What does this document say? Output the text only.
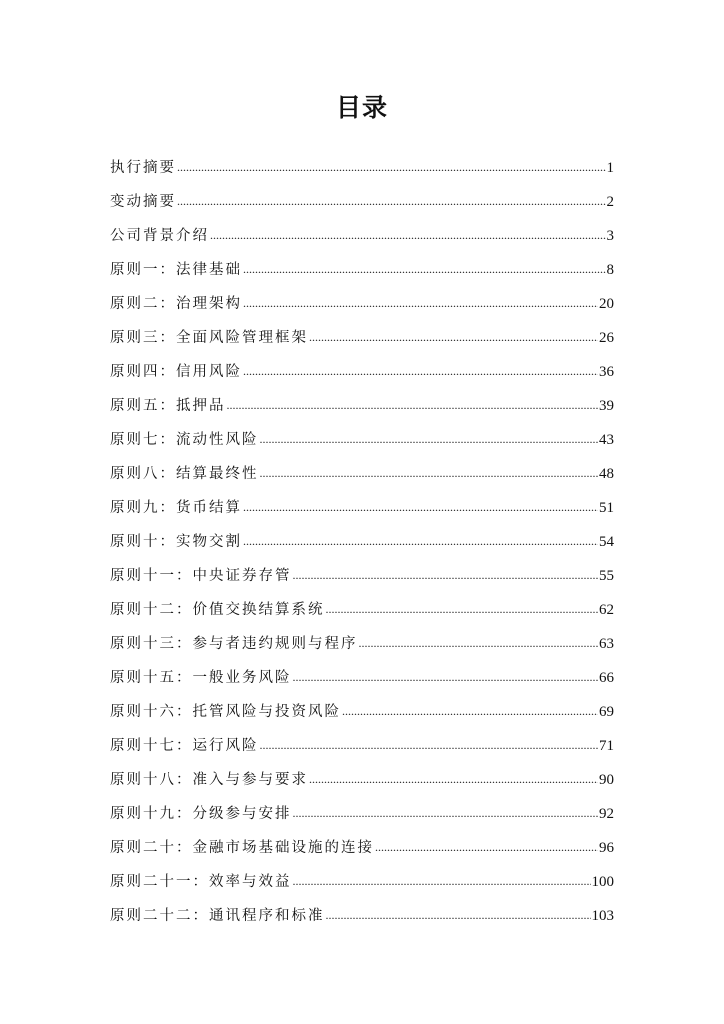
目录
执行摘要 .....	1
变动摘要 .....	2
公司背景介绍 .....	3
原则一：法律基础 .....	8
原则二：治理架构 .....	20
原则三：全面风险管理框架 .....	26
原则四：信用风险 .....	36
原则五：抵押品 .....	39
原则七：流动性风险 .....	43
原则八：结算最终性 .....	48
原则九：货币结算 .....	51
原则十：实物交割 .....	54
原则十一：中央证券存管 .....	55
原则十二：价值交换结算系统 .....	62
原则十三：参与者违约规则与程序 .....	63
原则十五：一般业务风险 .....	66
原则十六：托管风险与投资风险 .....	69
原则十七：运行风险 .....	71
原则十八：准入与参与要求 .....	90
原则十九：分级参与安排 .....	92
原则二十：金融市场基础设施的连接 .....	96
原则二十一：效率与效益 .....	100
原则二十二：通讯程序和标准 .....	103
